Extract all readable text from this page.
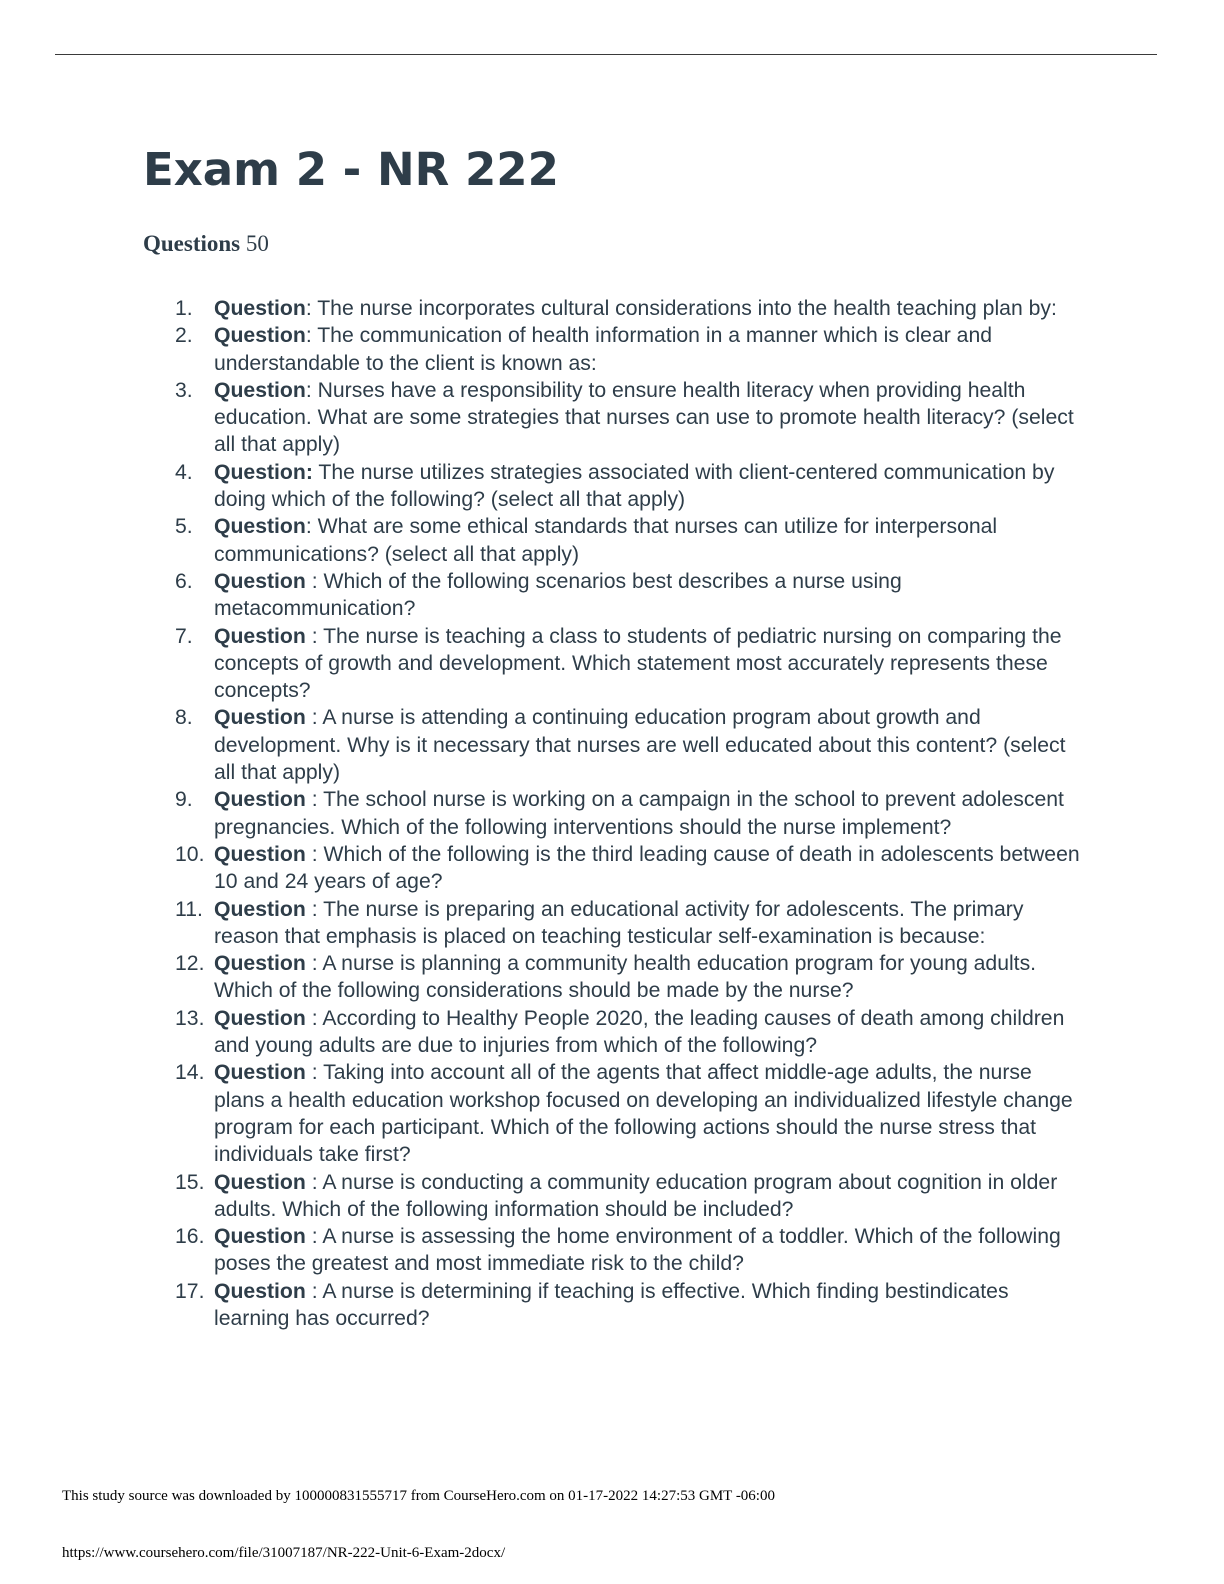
Exam 2 - NR 222
Questions 50
1.	Question: The nurse incorporates cultural considerations into the health teaching plan by:
2.	Question: The communication of health information in a manner which is clear and understandable to the client is known as:
3.	Question: Nurses have a responsibility to ensure health literacy when providing health education. What are some strategies that nurses can use to promote health literacy? (select all that apply)
4.	Question: The nurse utilizes strategies associated with client-centered communication by doing which of the following? (select all that apply)
5.	Question: What are some ethical standards that nurses can utilize for interpersonal communications? (select all that apply)
6.	Question : Which of the following scenarios best describes a nurse using metacommunication?
7.	Question : The nurse is teaching a class to students of pediatric nursing on comparing the concepts of growth and development. Which statement most accurately represents these concepts?
8.	Question : A nurse is attending a continuing education program about growth and development. Why is it necessary that nurses are well educated about this content? (select all that apply)
9.	Question : The school nurse is working on a campaign in the school to prevent adolescent pregnancies. Which of the following interventions should the nurse implement?
10. Question : Which of the following is the third leading cause of death in adolescents between 10 and 24 years of age?
11. Question : The nurse is preparing an educational activity for adolescents. The primary reason that emphasis is placed on teaching testicular self-examination is because:
12. Question : A nurse is planning a community health education program for young adults. Which of the following considerations should be made by the nurse?
13. Question : According to Healthy People 2020, the leading causes of death among children and young adults are due to injuries from which of the following?
14. Question : Taking into account all of the agents that affect middle-age adults, the nurse plans a health education workshop focused on developing an individualized lifestyle change program for each participant. Which of the following actions should the nurse stress that individuals take first?
15. Question : A nurse is conducting a community education program about cognition in older adults. Which of the following information should be included?
16. Question : A nurse is assessing the home environment of a toddler. Which of the following poses the greatest and most immediate risk to the child?
17. Question : A nurse is determining if teaching is effective. Which finding bestindicates learning has occurred?
This study source was downloaded by 100000831555717 from CourseHero.com on 01-17-2022 14:27:53 GMT -06:00
https://www.coursehero.com/file/31007187/NR-222-Unit-6-Exam-2docx/
